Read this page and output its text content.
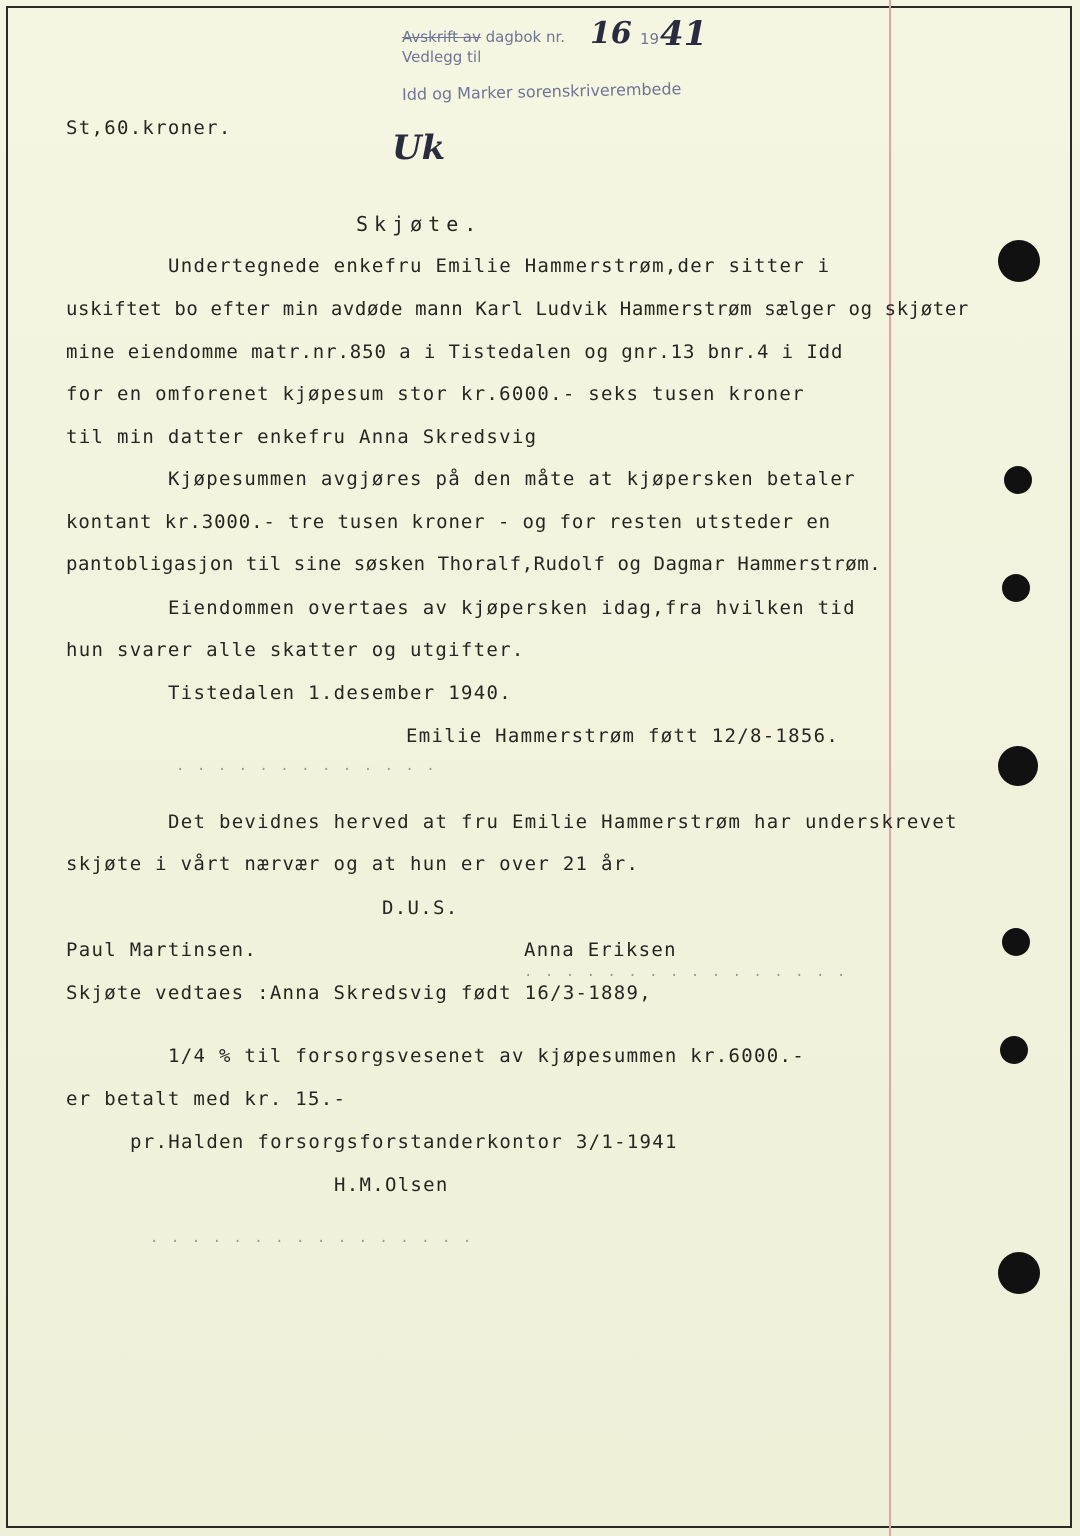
Avskrift av dagbok nr. 16 19 41
Vedlegg til
Idd og Marker sorenskriverembede
Uk
St,60.kroner.
Skjøte.
Undertegnede enkefru Emilie Hammerstrøm,der sitter i
uskiftet bo efter min avdøde mann Karl Ludvik Hammerstrøm sælger og skjøter
mine eiendomme matr.nr.850 a i Tistedalen og gnr.13 bnr.4 i Idd
for en omforenet kjøpesum stor kr.6000.- seks tusen kroner
til min datter enkefru Anna Skredsvig
Kjøpesummen avgjøres på den måte at kjøpersken betaler
kontant kr.3000.- tre tusen kroner - og for resten utsteder en
pantobligasjon til sine søsken Thoralf,Rudolf og Dagmar Hammerstrøm.
Eiendommen overtaes av kjøpersken idag,fra hvilken tid
hun svarer alle skatter og utgifter.
Tistedalen 1.desember 1940.
Emilie Hammerstrøm føtt 12/8-1856.
. . . . . . . . . . . . .
Det bevidnes herved at fru Emilie Hammerstrøm har underskrevet
skjøte i vårt nærvær og at hun er over 21 år.
D.U.S.
Paul Martinsen.	Anna Eriksen
. . . . . . . . . . . . . . . .
Skjøte vedtaes :Anna Skredsvig født 16/3-1889,
1/4 % til forsorgsvesenet av kjøpesummen kr.6000.-
er betalt med kr. 15.-
pr.Halden forsorgsforstanderkontor 3/1-1941
H.M.Olsen
. . . . . . . . . . . . . . . .
